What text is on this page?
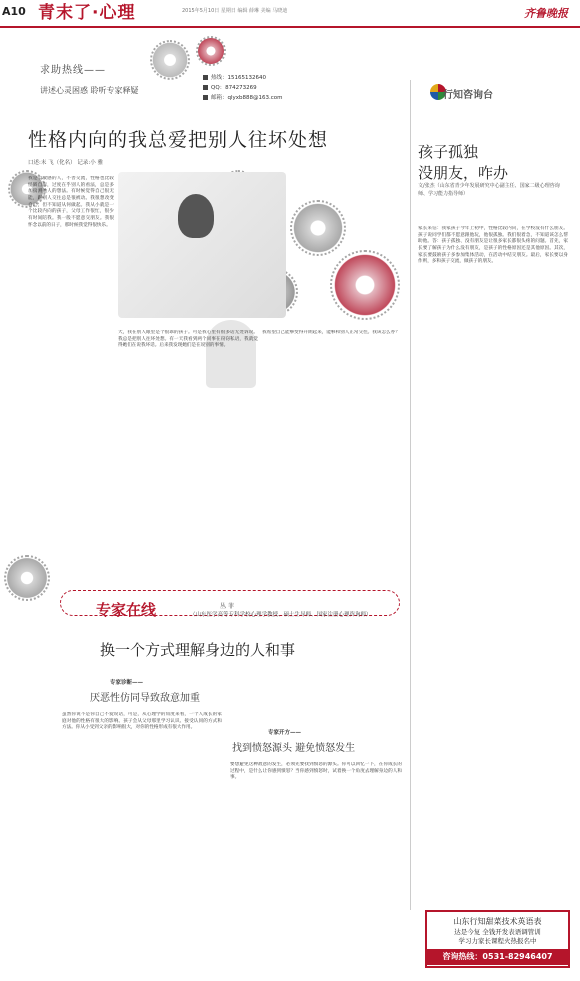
A10 青末了·心理	2015年5月10日 星期日 编辑 薛琳 美编 马晓迪	齐鲁晚报
求助热线——
讲述心灵困惑 聆听专家释疑
热线：15165132640
QQ：874273269
邮箱：qlyxb888@163.com
性格内向的我总爱把别人往坏处想
口述:末 飞（化名） 记录:小 雅
我是个敏感的人，不善交流，性格也比较怪僻自卑，过度在乎别人的看法，总是多加揣测他人的想法。有时候觉得自己很无能，跟别人交往总是很被动。我很想改变自己，但不知道从何做起。我从小就是一个比较内向的孩子，父母工作很忙，很少有时间陪我。我一般不愿意交朋友。我很怀念以前的日子，那时候我觉得很快乐。
大，我在别人眼里是个很乖的孩子。可是我心里有很多话无处诉说。我总是把别人往坏处想。有一天我看到两个同事在窃窃私语，我就觉得她们在说我坏话。后来我发现她们是在说别的事情。
我希望自己能够变得开朗起来，能够和别人正常交往。我该怎么办？
专家在线	丛 菲
（山东医学高等专科学校心理学教授、硕士生导师、国家注册心理咨询师）
换一个方式理解身边的人和事
专家诊断——
厌恶性仿同导致敌意加重
虽然你说不是你自己不爱说话，可是，从心理学的角度来看，一个人成长的家庭对他的性格有很大的影响。孩子会从父母那里学习认识、接受认同的方式和方法。你从小受到父亲的影响很大，对你的性格形成有很大作用。
专家开方——
找到愤怒源头 避免愤怒发生
要想避免这种敌意的发生，必须先要找到愤怒的源头。你可以回忆一下，在你成长的过程中，是什么让你感到愤怒？当你感到愤怒时，试着换一个角度去理解身边的人和事。
行知咨询台
孩子孤独
没朋友，咋办
文/张杰（山东省青少年发展研究中心副主任、国家二级心理咨询师、学习能力指导师）
家长来信：我家孩子今年上初中，性格比较内向，在学校没有什么朋友。孩子说同学们都不愿意跟他玩，他很孤独。我们很着急，不知道该怎么帮助他。答：孩子孤独、没有朋友是让很多家长都很头疼的问题。首先，家长要了解孩子为什么没有朋友，是孩子的性格原因还是其他原因。其次，家长要鼓励孩子多参加集体活动，在活动中结交朋友。最后，家长要以身作则，多和孩子交流，做孩子的朋友。
山东行知甜菜技术英语表
达是今复 全钱开发表语调管训
学习力家长课程火热报名中
咨询热线：0531-82946407
